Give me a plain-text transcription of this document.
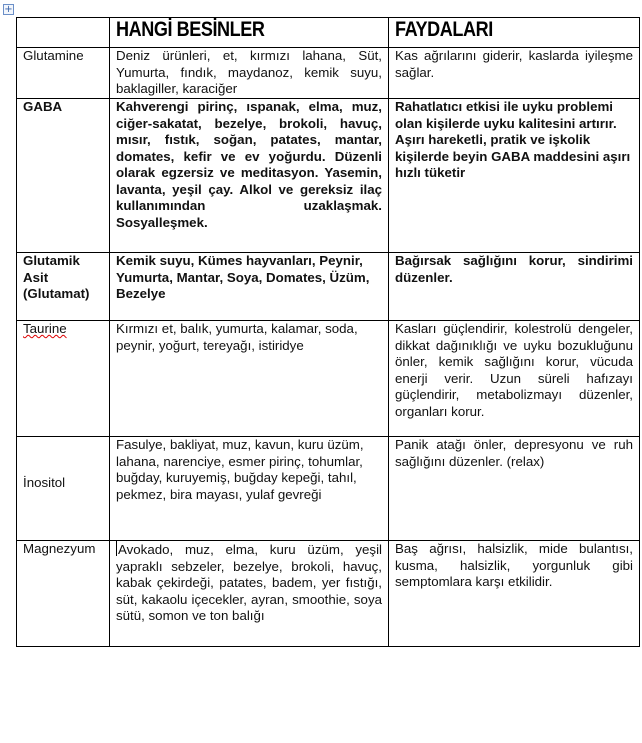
+
	HANGİ BESİNLER	FAYDALARI

Glutamine	Deniz ürünleri, et, kırmızı lahana, Süt, Yumurta, fındık, maydanoz, kemik suyu, baklagiller, karaciğer	Kas ağrılarını giderir, kaslarda iyileşme sağlar.

GABA	Kahverengi pirinç, ıspanak, elma, muz, ciğer-sakatat, bezelye, brokoli, havuç, mısır, fıstık, soğan, patates, mantar, domates, kefir ve ev yoğurdu. Düzenli olarak egzersiz ve meditasyon. Yasemin, lavanta, yeşil çay. Alkol ve gereksiz ilaç kullanımından uzaklaşmak. Sosyalleşmek.	Rahatlatıcı etkisi ile uyku problemi olan kişilerde uyku kalitesini artırır. Aşırı hareketli, pratik ve işkolik kişilerde beyin GABA maddesini aşırı hızlı tüketir

Glutamik Asit (Glutamat)	Kemik suyu, Kümes hayvanları, Peynir, Yumurta, Mantar, Soya, Domates, Üzüm, Bezelye	Bağırsak sağlığını korur, sindirimi düzenler.

Taurine	Kırmızı et, balık, yumurta, kalamar, soda, peynir, yoğurt, tereyağı, istiridye	Kasları güçlendirir, kolestrolü dengeler, dikkat dağınıklığı ve uyku bozukluğunu önler, kemik sağlığını korur, vücuda enerji verir. Uzun süreli hafızayı güçlendirir, metabolizmayı düzenler, organları korur.

İnositol	Fasulye, bakliyat, muz, kavun, kuru üzüm, lahana, narenciye, esmer pirinç, tohumlar, buğday, kuruyemiş, buğday kepeği, tahıl, pekmez, bira mayası, yulaf gevreği	Panik atağı önler, depresyonu ve ruh sağlığını düzenler. (relax)

Magnezyum	Avokado, muz, elma, kuru üzüm, yeşil yapraklı sebzeler, bezelye, brokoli, havuç, kabak çekirdeği, patates, badem, yer fıstığı, süt, kakaolu içecekler, ayran, smoothie, soya sütü, somon ve ton balığı	Baş ağrısı, halsizlik, mide bulantısı, kusma, halsizlik, yorgunluk gibi semptomlara karşı etkilidir.
